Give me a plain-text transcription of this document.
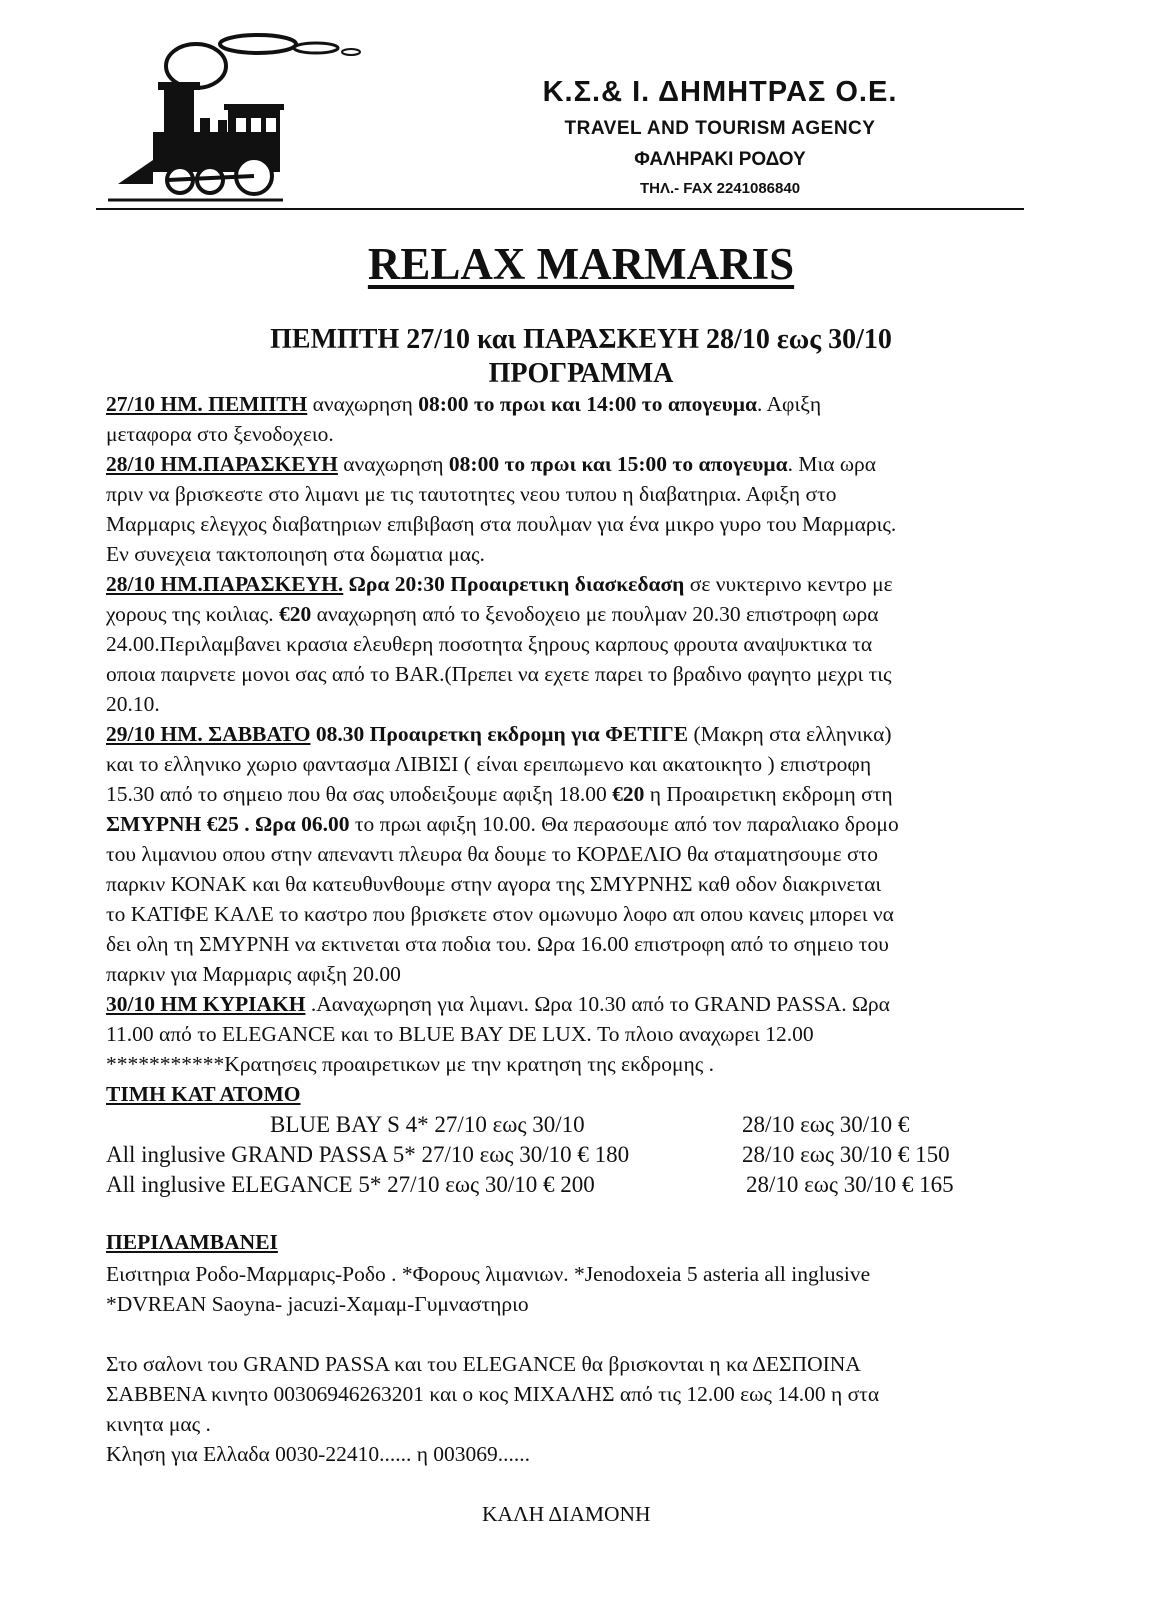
Κ.Σ.& Ι. ΔΗΜΗΤΡΑΣ Ο.Ε.
TRAVEL AND TOURISM AGENCY
ΦΑΛΗΡΑΚΙ ΡΟΔΟΥ
ΤΗΛ.- FAX 2241086840
RELAX MARMARIS
ΠΕΜΠΤΗ 27/10 και ΠΑΡΑΣΚΕΥΗ 28/10 εως 30/10
ΠΡΟΓΡΑΜΜΑ
27/10 ΗΜ. ΠΕΜΠΤΗ αναχωρηση 08:00 το πρωι και 14:00 το απογευμα. Αφιξη
μεταφορα στο ξενοδοχειο.
28/10 ΗΜ.ΠΑΡΑΣΚΕΥΗ αναχωρηση 08:00 το πρωι και 15:00 το απογευμα. Μια ωρα
πριν να βρισκεστε στο λιμανι με τις ταυτοτητες νεου τυπου η διαβατηρια. Αφιξη στο
Μαρμαρις ελεγχος διαβατηριων επιβιβαση στα πουλμαν για ένα μικρο γυρο του Μαρμαρις.
Εν συνεχεια τακτοποιηση στα δωματια μας.
28/10 ΗΜ.ΠΑΡΑΣΚΕΥΗ. Ωρα 20:30 Προαιρετικη διασκεδαση σε νυκτερινο κεντρο με
χορους της κοιλιας. €20 αναχωρηση από το ξενοδοχειο με πουλμαν 20.30 επιστροφη ωρα
24.00.Περιλαμβανει κρασια ελευθερη ποσοτητα ξηρους καρπους φρουτα αναψυκτικα τα
οποια παιρνετε μονοι σας από το BAR.(Πρεπει να εχετε παρει το βραδινο φαγητο μεχρι τις
20.10.
29/10 ΗΜ. ΣΑΒΒΑΤΟ 08.30 Προαιρετκη εκδρομη για ΦΕΤΙΓΕ (Μακρη στα ελληνικα)
και το ελληνικο χωριο φαντασμα ΛΙΒΙΣΙ ( είναι ερειπωμενο και ακατοικητο ) επιστροφη
15.30 από το σημειο που θα σας υποδειξουμε αφιξη 18.00 €20 η Προαιρετικη εκδρομη στη
ΣΜΥΡΝΗ €25 . Ωρα 06.00 το πρωι αφιξη 10.00. Θα περασουμε από τον παραλιακο δρομο
του λιμανιου οπου στην απεναντι πλευρα θα δουμε το ΚΟΡΔΕΛΙΟ θα σταματησουμε στο
παρκιν ΚΟΝΑΚ και θα κατευθυνθουμε στην αγορα της ΣΜΥΡΝΗΣ καθ οδον διακρινεται
το ΚΑΤΙΦΕ ΚΑΛΕ το καστρο που βρισκετε στον ομωνυμο λοφο απ οπου κανεις μπορει να
δει ολη τη ΣΜΥΡΝΗ να εκτινεται στα ποδια του. Ωρα 16.00 επιστροφη από το σημειο του
παρκιν για Μαρμαρις αφιξη 20.00
30/10 ΗΜ ΚΥΡΙΑΚΗ .Ααναχωρηση για λιμανι. Ωρα 10.30 από το GRAND PASSA. Ωρα
11.00 από το ELEGANCE και το BLUE BAY DE LUX. Το πλοιο αναχωρει 12.00
***********Κρατησεις προαιρετικων με την κρατηση της εκδρομης .
ΤΙΜΗ ΚΑΤ ΑΤΟΜΟ
BLUE BAY S 4* 27/10 εως 30/10	28/10 εως 30/10 €
All inglusive GRAND PASSA 5* 27/10 εως 30/10 € 180	28/10 εως 30/10 € 150
All inglusive ELEGANCE 5* 27/10 εως 30/10 € 200	28/10 εως 30/10 € 165
ΠΕΡΙΛΑΜΒΑΝΕΙ
Εισιτηρια Ροδο-Μαρμαρις-Ροδο . *Φορους λιμανιων. *Jenodoxeia 5 asteria all inglusive
*DVREAN Saoyna- jacuzi-Χαμαμ-Γυμναστηριο
Στο σαλονι του GRAND PASSA και του ELEGANCE θα βρισκονται η κα ΔΕΣΠΟΙΝΑ
ΣΑΒΒΕΝΑ κινητο 00306946263201 και ο κος ΜΙΧΑΛΗΣ από τις 12.00 εως 14.00 η στα
κινητα μας .
Κληση για Ελλαδα 0030-22410...... η 003069......
ΚΑΛΗ ΔΙΑΜΟΝΗ
